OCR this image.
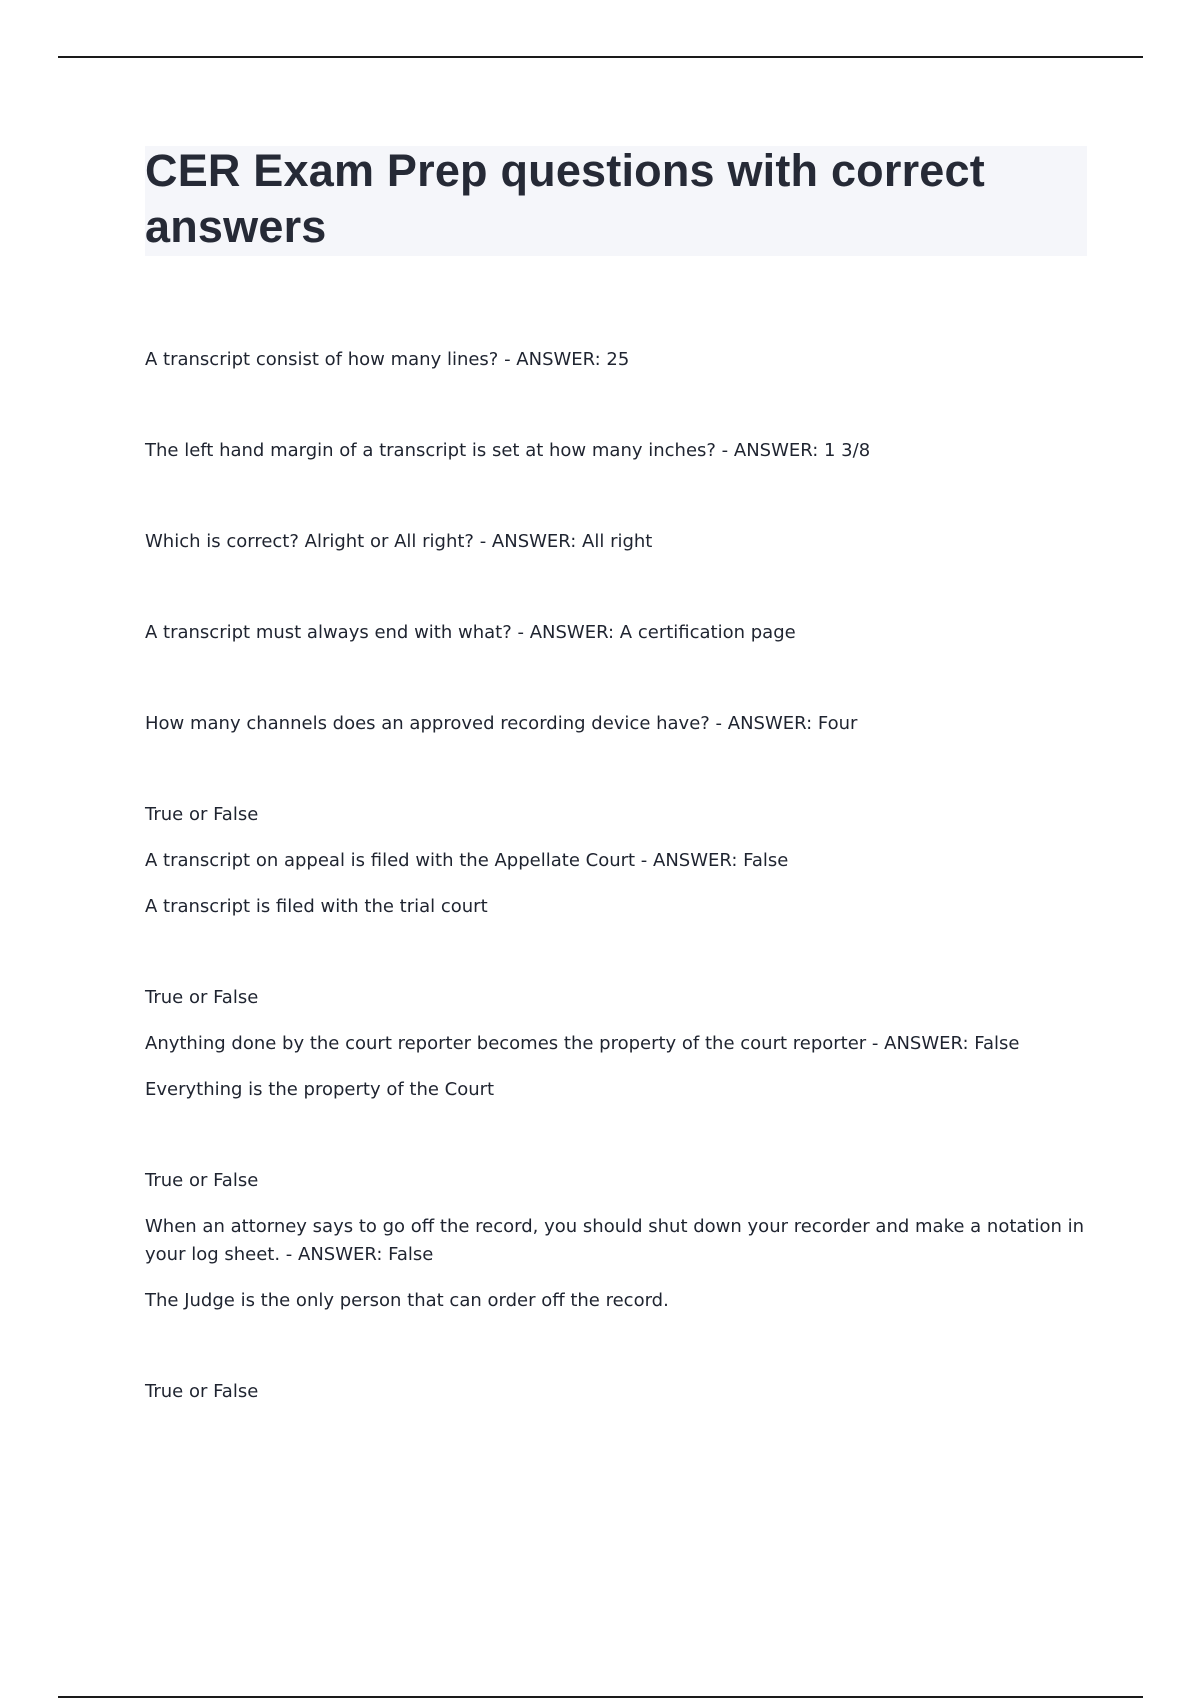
CER Exam Prep questions with correct answers

A transcript consist of how many lines? - ANSWER: 25

The left hand margin of a transcript is set at how many inches? - ANSWER: 1 3/8

Which is correct? Alright or All right? - ANSWER: All right

A transcript must always end with what? - ANSWER: A certification page

How many channels does an approved recording device have? - ANSWER: Four

True or False

A transcript on appeal is filed with the Appellate Court - ANSWER: False

A transcript is filed with the trial court

True or False

Anything done by the court reporter becomes the property of the court reporter - ANSWER: False

Everything is the property of the Court

True or False

When an attorney says to go off the record, you should shut down your recorder and make a notation in your log sheet. - ANSWER: False

The Judge is the only person that can order off the record.

True or False
